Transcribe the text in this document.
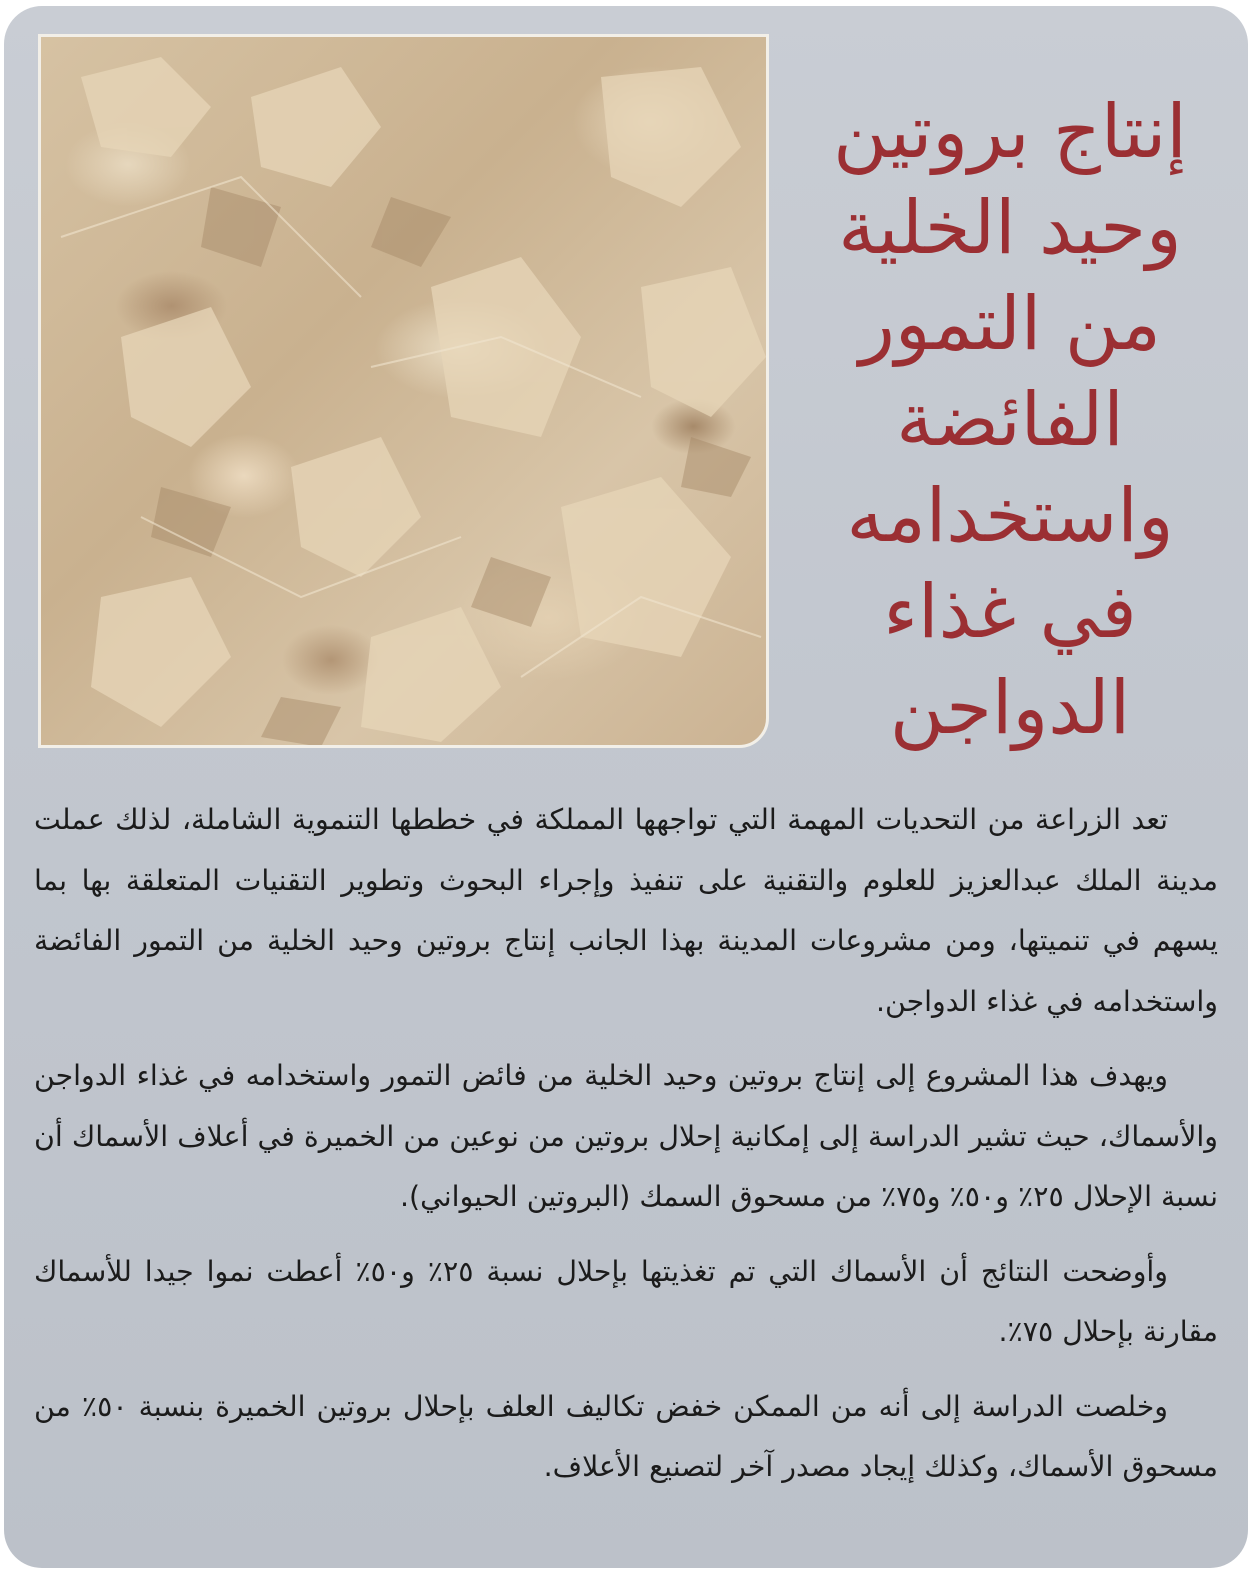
إنتاج بروتين
وحيد الخلية
من التمور
الفائضة
واستخدامه
في غذاء
الدواجن

تعد الزراعة من التحديات المهمة التي تواجهها المملكة في خططها التنموية الشاملة، لذلك عملت مدينة الملك عبدالعزيز للعلوم والتقنية على تنفيذ وإجراء البحوث وتطوير التقنيات المتعلقة بها بما يسهم في تنميتها، ومن مشروعات المدينة بهذا الجانب إنتاج بروتين وحيد الخلية من التمور الفائضة واستخدامه في غذاء الدواجن.

ويهدف هذا المشروع إلى إنتاج بروتين وحيد الخلية من فائض التمور واستخدامه في غذاء الدواجن والأسماك، حيث تشير الدراسة إلى إمكانية إحلال بروتين من نوعين من الخميرة في أعلاف الأسماك أن نسبة الإحلال ٢٥٪ و٥٠٪ و٧٥٪ من مسحوق السمك (البروتين الحيواني).

وأوضحت النتائج أن الأسماك التي تم تغذيتها بإحلال نسبة ٢٥٪ و٥٠٪ أعطت نموا جيدا للأسماك مقارنة بإحلال ٧٥٪.

وخلصت الدراسة إلى أنه من الممكن خفض تكاليف العلف بإحلال بروتين الخميرة بنسبة ٥٠٪ من مسحوق الأسماك، وكذلك إيجاد مصدر آخر لتصنيع الأعلاف.
